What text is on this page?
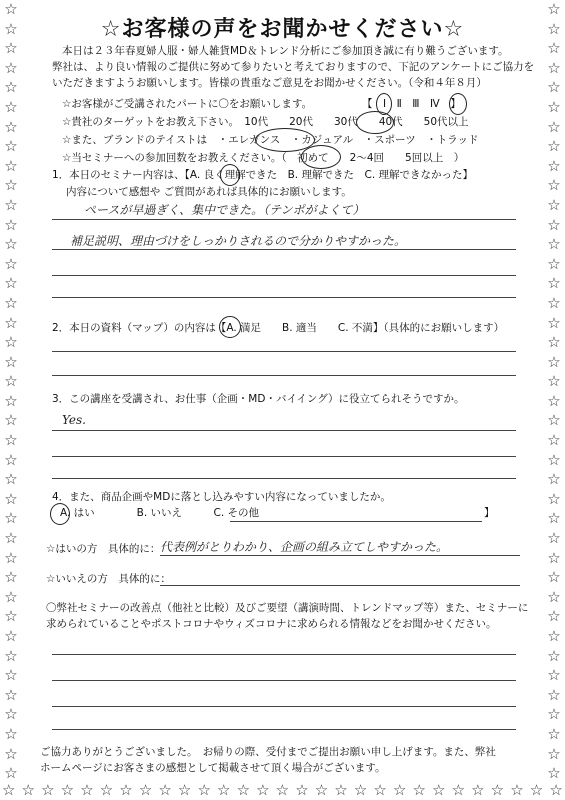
☆
☆
☆
☆
☆
☆
☆
☆
☆
☆
☆
☆
☆
☆
☆
☆
☆
☆
☆
☆
☆
☆
☆
☆
☆
☆
☆
☆
☆
☆
☆
☆
☆
☆
☆
☆
☆
☆
☆
☆
☆
☆
☆
☆
☆
☆
☆
☆
☆
☆
☆
☆
☆
☆
☆
☆
☆
☆
☆
☆
☆
☆
☆
☆
☆
☆
☆
☆
☆
☆
☆
☆
☆
☆
☆
☆
☆
☆
☆
☆
☆ ☆ ☆ ☆ ☆ ☆ ☆ ☆ ☆ ☆ ☆ ☆ ☆ ☆ ☆ ☆ ☆ ☆ ☆ ☆ ☆ ☆ ☆ ☆ ☆ ☆ ☆ ☆ ☆
☆お客様の声をお聞かせください☆
本日は２３年春夏婦人服・婦人雑貨MD＆トレンド分析にご参加頂き誠に有り難うございます。
弊社は、より良い情報のご提供に努めて参りたいと考えておりますので、下記のアンケートにご協力を
いただきますようお願いします。皆様の貴重なご意見をお聞かせください。（令和４年８月）
☆お客様がご受講されたパートに〇をお願いします。	【　Ⅰ　Ⅱ　Ⅲ　Ⅳ　】
☆貴社のターゲットをお教え下さい。　10代　　20代　　30代　　40代　　50代以上
☆また、ブランドのテイストは　・エレガンス　・カジュアル　・スポーツ　・トラッド
☆当セミナーへの参加回数をお教えください。（　初めて　　2～4回　　5回以上　）
1．本日のセミナー内容は、【A. 良く理解できた　B. 理解できた　C. 理解できなかった】
内容について感想や ご質問があれば具体的にお願いします。
ペースが早過ぎく、集中できた。（テンポがよくて）
補足説明、理由づけをしっかりされるので分かりやすかった。
2．本日の資料（マップ）の内容は【A. 満足　　B. 適当　　C. 不満】（具体的にお願いします）
3．この講座を受講され、お仕事（企画・MD・バイイング）に役立てられそうですか。
Yes.
4．また、商品企画やMDに落とし込みやすい内容になっていましたか。
A. はい　　　　B. いいえ　　　C. その他	】
☆はいの方　具体的に： 代表例がとりわかり、企画の組み立てしやすかった。
☆いいえの方　具体的に：
〇弊社セミナーの改善点（他社と比較）及びご要望（講演時間、トレンドマップ等）また、セミナーに
求められていることやポストコロナやウィズコロナに求められる情報などをお聞かせください。
ご協力ありがとうございました。　お帰りの際、受付までご提出お願い申し上げます。また、弊社
ホームページにお客さまの感想として掲載させて頂く場合がございます。
